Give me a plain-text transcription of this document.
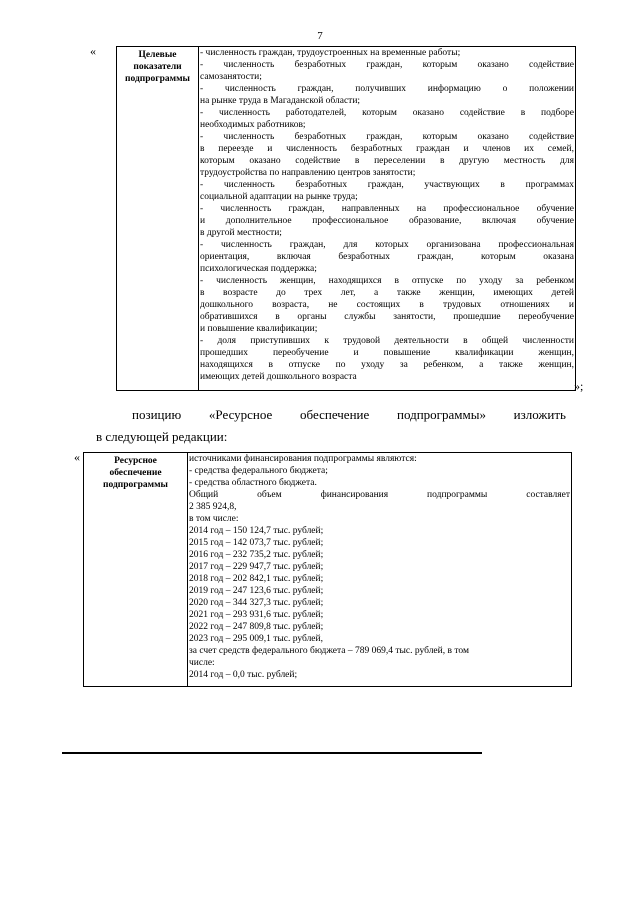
7
«	Целевые
показатели
подпрограммы
- численность граждан, трудоустроенных на временные работы;
- численность безработных граждан, которым оказано содействие
самозанятости;
- численность граждан, получивших информацию о положении
на рынке труда в Магаданской области;
- численность работодателей, которым оказано содействие в подборе
необходимых работников;
- численность безработных граждан, которым оказано содействие
в переезде и численность безработных граждан и членов их семей,
которым оказано содействие в переселении в другую местность для
трудоустройства по направлению центров занятости;
- численность безработных граждан, участвующих в программах
социальной адаптации на рынке труда;
- численность граждан, направленных на профессиональное обучение
и дополнительное профессиональное образование, включая обучение
в другой местности;
- численность граждан, для которых организована профессиональная
ориентация, включая безработных граждан, которым оказана
психологическая поддержка;
- численность женщин, находящихся в отпуске по уходу за ребенком
в возрасте до трех лет, а также женщин, имеющих детей
дошкольного возраста, не состоящих в трудовых отношениях и
обратившихся в органы службы занятости, прошедшие переобучение
и повышение квалификации;
- доля приступивших к трудовой деятельности в общей численности
прошедших переобучение и повышение квалификации женщин,
находящихся в отпуске по уходу за ребенком, а также женщин,
имеющих детей дошкольного возраста
»;
позицию «Ресурсное обеспечение подпрограммы» изложить
в следующей редакции:
«	Ресурсное
обеспечение
подпрограммы
источниками финансирования подпрограммы являются:
- средства федерального бюджета;
- средства областного бюджета.
Общий объем финансирования подпрограммы составляет
2 385 924,8,
в том числе:
2014 год – 150 124,7 тыс. рублей;
2015 год – 142 073,7 тыс. рублей;
2016 год – 232 735,2 тыс. рублей;
2017 год – 229 947,7 тыс. рублей;
2018 год – 202 842,1 тыс. рублей;
2019 год – 247 123,6 тыс. рублей;
2020 год – 344 327,3 тыс. рублей;
2021 год – 293 931,6 тыс. рублей;
2022 год – 247 809,8 тыс. рублей;
2023 год – 295 009,1 тыс. рублей,
за счет средств федерального бюджета – 789 069,4 тыс. рублей, в том
числе:
2014 год – 0,0 тыс. рублей;
